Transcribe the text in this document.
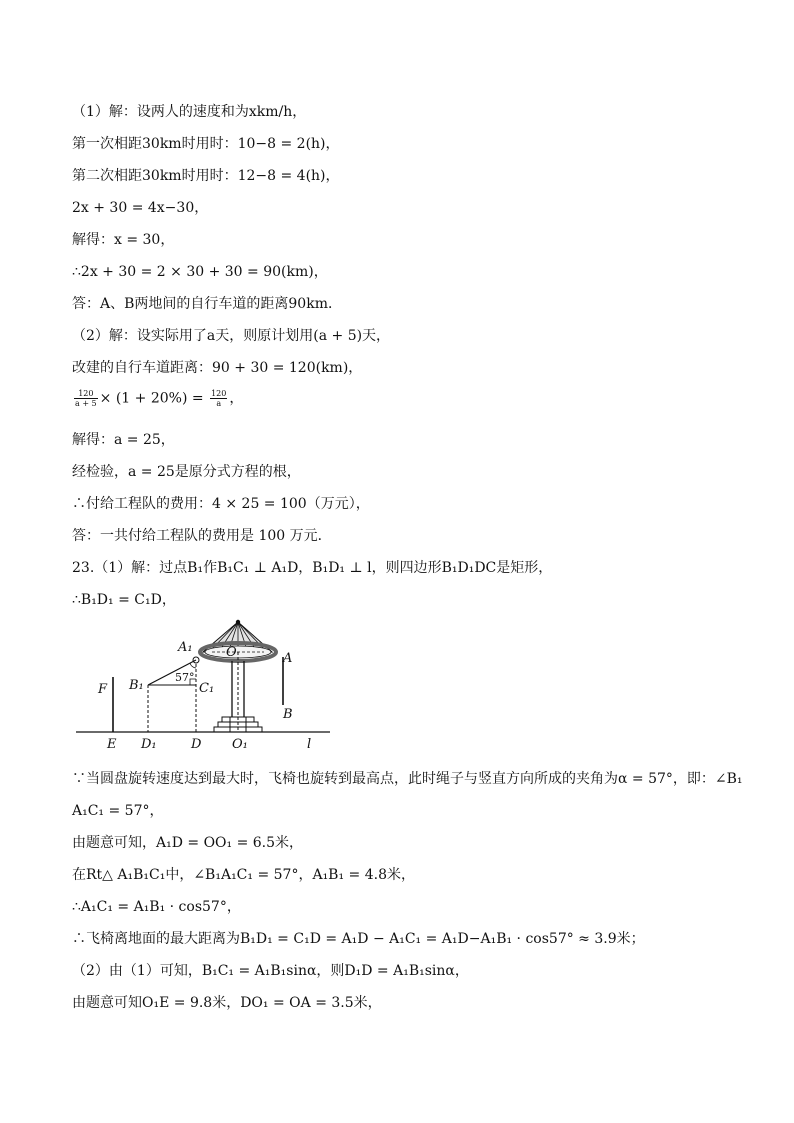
（1）解：设两人的速度和为xkm/h，
第一次相距30km时用时：10−8 = 2(h)，
第二次相距30km时用时：12−8 = 4(h)，
2x + 30 = 4x−30，
解得：x = 30，
∴2x + 30 = 2 × 30 + 30 = 90(km)，
答：A、B两地间的自行车道的距离90km．
（2）解：设实际用了a天，则原计划用(a + 5)天，
改建的自行车道距离：90 + 30 = 120(km)，
$\frac{120}{a + 5} \times (1 + 20\%) = \frac{120}{a}$ ，
解得：a = 25，
经检验，a = 25是原分式方程的根，
∴付给工程队的费用：4 × 25 = 100（万元），
答：一共付给工程队的费用是 100 万元．
23.（1）解：过点B₁作B₁C₁ ⊥ A₁D，B₁D₁ ⊥ l，则四边形B₁D₁DC是矩形，
∴B₁D₁ = C₁D，
A₁	O	A
B
F B₁	C₁
E D₁	D O₁	l
57°
∵当圆盘旋转速度达到最大时，飞椅也旋转到最高点，此时绳子与竖直方向所成的夹角为α = 57°，即：∠B₁
A₁C₁ = 57°，
由题意可知，A₁D = OO₁ = 6.5米，
在Rt△ A₁B₁C₁中，∠B₁A₁C₁ = 57°，A₁B₁ = 4.8米，
∴A₁C₁ = A₁B₁ · cos57°，
∴飞椅离地面的最大距离为B₁D₁ = C₁D = A₁D − A₁C₁ = A₁D−A₁B₁ · cos57° ≈ 3.9米；
（2）由（1）可知，B₁C₁ = A₁B₁sinα，则D₁D = A₁B₁sinα，
由题意可知O₁E = 9.8米，DO₁ = OA = 3.5米，
